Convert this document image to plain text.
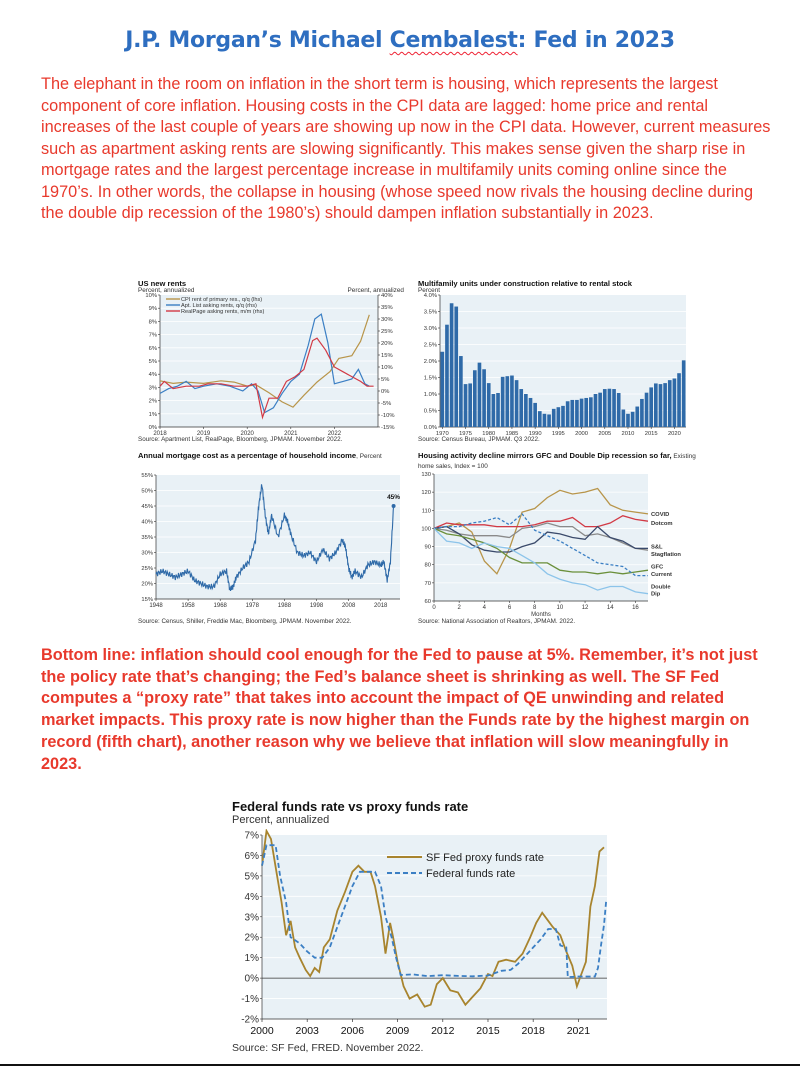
J.P. Morgan’s Michael Cembalest: Fed in 2023
The elephant in the room on inflation in the short term is housing, which represents the largest component of core inflation. Housing costs in the CPI data are lagged: home price and rental increases of the last couple of years are showing up now in the CPI data. However, current measures such as apartment asking rents are slowing significantly. This makes sense given the sharp rise in mortgage rates and the largest percentage increase in multifamily units coming online since the 1970’s. In other words, the collapse in housing (whose speed now rivals the housing decline during the double dip recession of the 1980’s) should dampen inflation substantially in 2023.
US new rents
Percent, annualized	Percent, annualized
0%
1%
2%
3%
4%
5%
6%
7%
8%
9%
10%
-15%
-10%
-5%
0%
5%
10%
15%
20%
25%
30%
35%
40%
2018	2019	2020	2021	2022
CPI rent of primary res., q/q (lhs)
Apt. List asking rents, q/q (rhs)
RealPage asking rents, m/m (rhs)
Source: Apartment List, RealPage, Bloomberg, JPMAM. November 2022.
Multifamily units under construction relative to rental stock
Percent
0.0%
0.5%
1.0%
1.5%
2.0%
2.5%
3.0%
3.5%
4.0%
1970 1975 1980 1985 1990 1995 2000 2005 2010 2015 2020
Source: Census Bureau, JPMAM. Q3 2022.
Annual mortgage cost as a percentage of household income, Percent
15%
20%
25%
30%
35%
40%
45%
50%
55%
1948	1958	1968	1978	1988	1998	2008	2018
45%
Source: Census, Shiller, Freddie Mac, Bloomberg, JPMAM. November 2022.
Housing activity decline mirrors GFC and Double Dip recession so far, Existing home sales, Index = 100
60
70
80
90
100
110
120
130
0	2	4	6	8	10	12	14	16
Months
COVID
Dotcom
S&L
Stagflation
GFC
Current
Double
Dip
Source: National Association of Realtors, JPMAM. 2022.
Bottom line: inflation should cool enough for the Fed to pause at 5%. Remember, it’s not just the policy rate that’s changing; the Fed’s balance sheet is shrinking as well. The SF Fed computes a “proxy rate” that takes into account the impact of QE unwinding and related market impacts. This proxy rate is now higher than the Funds rate by the highest margin on record (fifth chart), another reason why we believe that inflation will slow meaningfully in 2023.
Federal funds rate vs proxy funds rate
Percent, annualized
-2%
-1%
0%
1%
2%
3%
4%
5%
6%
7%
2000 2003 2006 2009 2012 2015 2018 2021
SF Fed proxy funds rate
Federal funds rate
Source: SF Fed, FRED. November 2022.
